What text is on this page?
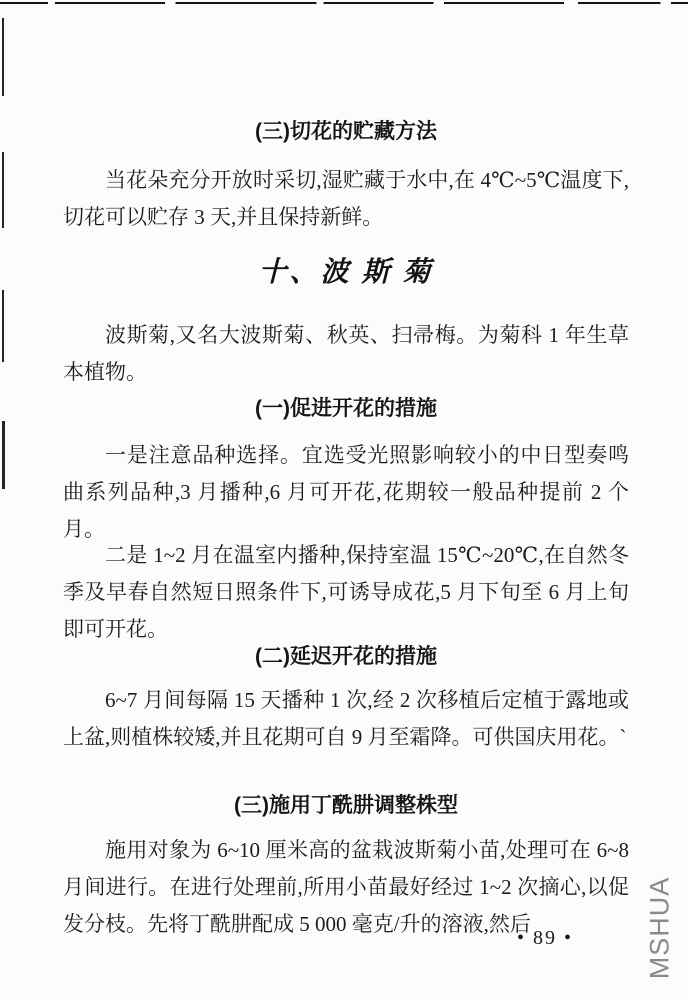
(三)切花的贮藏方法

当花朵充分开放时采切,湿贮藏于水中,在 4℃~5℃温度下,切花可以贮存 3 天,并且保持新鲜。

十、波 斯 菊

波斯菊,又名大波斯菊、秋英、扫帚梅。为菊科 1 年生草本植物。

(一)促进开花的措施

一是注意品种选择。宜选受光照影响较小的中日型奏鸣曲系列品种,3 月播种,6 月可开花,花期较一般品种提前 2 个月。

二是 1~2 月在温室内播种,保持室温 15℃~20℃,在自然冬季及早春自然短日照条件下,可诱导成花,5 月下旬至 6 月上旬即可开花。

(二)延迟开花的措施

6~7 月间每隔 15 天播种 1 次,经 2 次移植后定植于露地或上盆,则植株较矮,并且花期可自 9 月至霜降。可供国庆用花。`

(三)施用丁酰肼调整株型

施用对象为 6~10 厘米高的盆栽波斯菊小苗,处理可在 6~8 月间进行。在进行处理前,所用小苗最好经过 1~2 次摘心,以促发分枝。先将丁酰肼配成 5 000 毫克/升的溶液,然后

• 89 •	MSHUA
